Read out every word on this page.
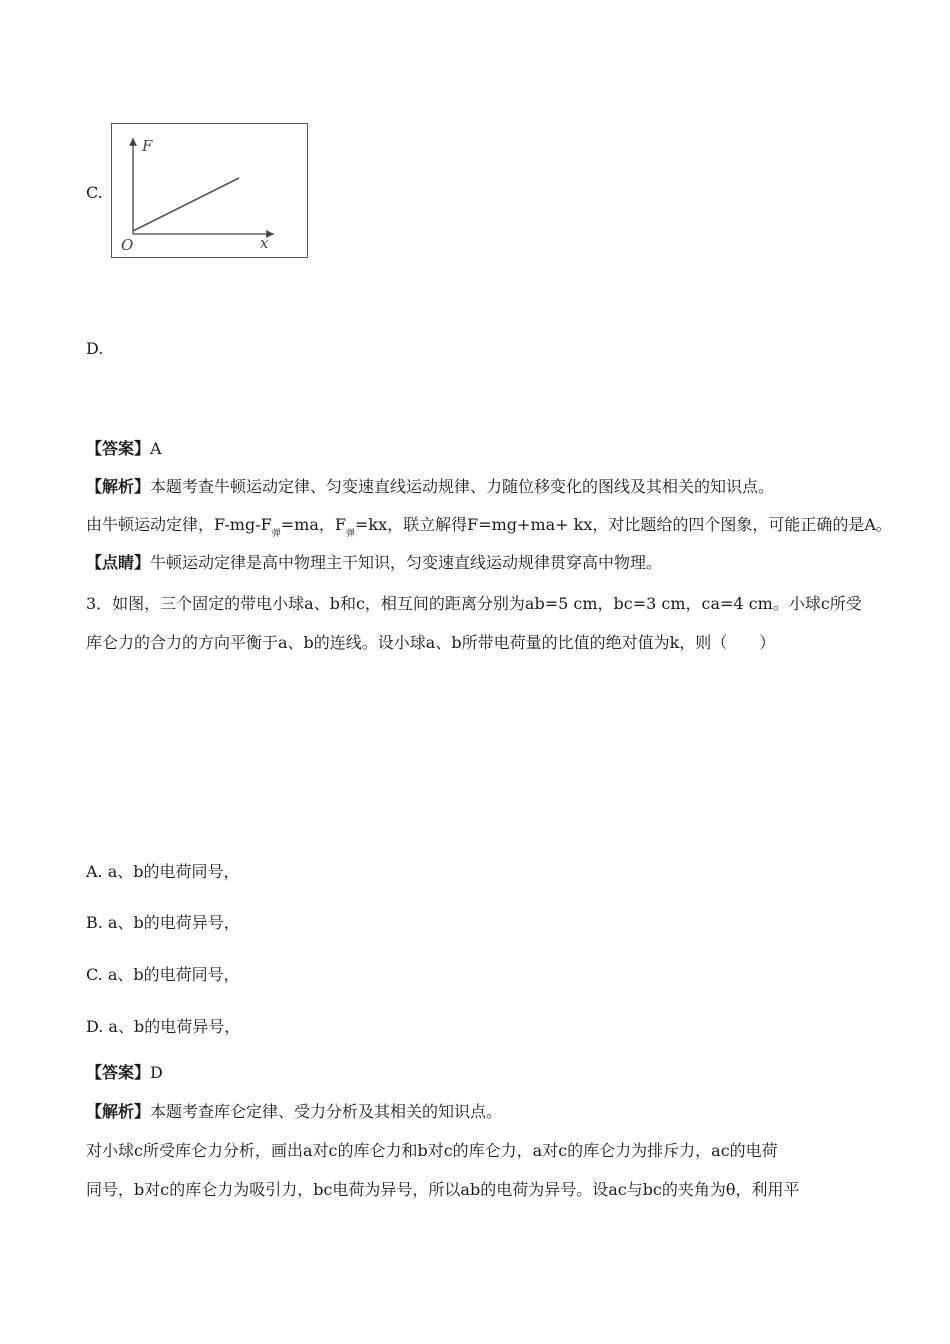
C.
F
x
O
D.
【答案】A
【解析】本题考查牛顿运动定律、匀变速直线运动规律、力随位移变化的图线及其相关的知识点。
由牛顿运动定律，$F-mg-F_弹=ma$，$F_弹=kx$，联立解得F=mg+ma+ kx，对比题给的四个图象，可能正确的是A。
【点睛】牛顿运动定律是高中物理主干知识，匀变速直线运动规律贯穿高中物理。
3．如图，三个固定的带电小球a、b和c，相互间的距离分别为ab=5 cm，bc=3 cm，ca=4 cm。小球c所受
库仑力的合力的方向平衡于a、b的连线。设小球a、b所带电荷量的比值的绝对值为k，则（　　）
A. a、b的电荷同号，
B. a、b的电荷异号，
C. a、b的电荷同号，
D. a、b的电荷异号，
【答案】D
【解析】本题考查库仑定律、受力分析及其相关的知识点。
对小球c所受库仑力分析，画出a对c的库仑力和b对c的库仑力，a对c的库仑力为排斥力，ac的电荷
同号，b对c的库仑力为吸引力，bc电荷为异号，所以ab的电荷为异号。设ac与bc的夹角为θ，利用平
